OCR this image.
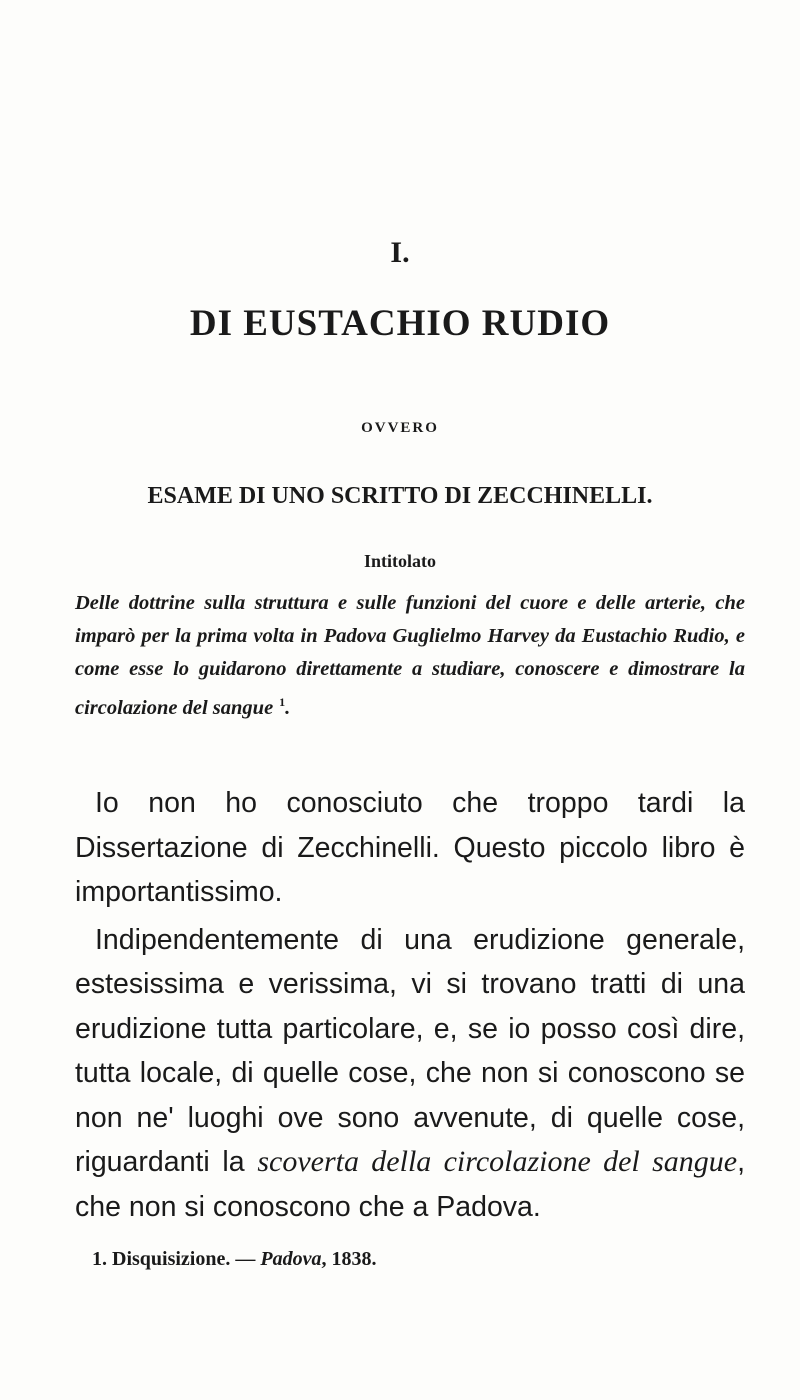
I.
DI EUSTACHIO RUDIO
OVVERO
ESAME DI UNO SCRITTO DI ZECCHINELLI.
Intitolato
Delle dottrine sulla struttura e sulle funzioni del cuore e delle arterie, che imparò per la prima volta in Padova Guglielmo Harvey da Eustachio Rudio, e come esse lo guidarono direttamente a studiare, conoscere e dimostrare la circolazione del sangue $^1$.

Io non ho conosciuto che troppo tardi la Dissertazione di Zecchinelli. Questo piccolo libro è importantissimo.

Indipendentemente di una erudizione generale, estesissima e verissima, vi si trovano tratti di una erudizione tutta particolare, e, se io posso così dire, tutta locale, di quelle cose, che non si conoscono se non ne' luoghi ove sono avvenute, di quelle cose, riguardanti la scoverta della circolazione del sangue, che non si conoscono che a Padova.

1. Disquisizione. — Padova, 1838.
